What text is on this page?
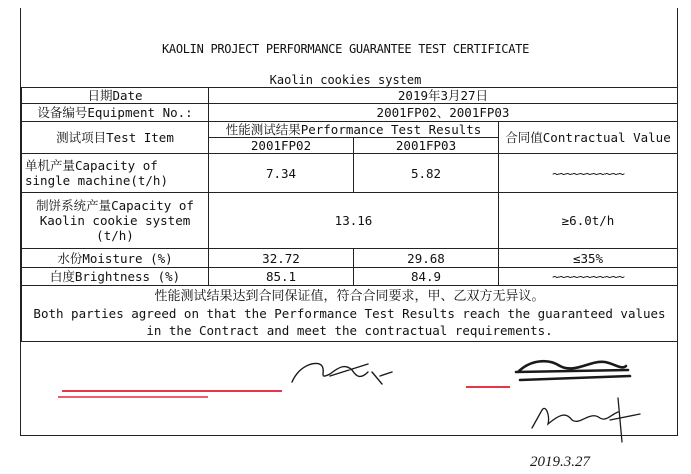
KAOLIN PROJECT PERFORMANCE GUARANTEE TEST CERTIFICATE
Kaolin cookies system
日期Date	2019年3月27日		
设备编号Equipment No.:	2001FP02、2001FP03		
测试项目Test Item	性能测试结果Performance Test Results		合同值Contractual Value
	2001FP02	2001FP03	
单机产量Capacity of single machine(t/h)	7.34	5.82	~~~~~~~~~~~
制饼系统产量Capacity of Kaolin cookie system (t/h)	13.16		≥6.0t/h
水份Moisture (%)	32.72	29.68	≤35%
白度Brightness (%)	85.1	84.9	~~~~~~~~~~~

性能测试结果达到合同保证值，符合合同要求，甲、乙双方无异议。
Both parties agreed on that the Performance Test Results reach the guaranteed values in the Contract and meet the contractual requirements.			
2019.3.27
